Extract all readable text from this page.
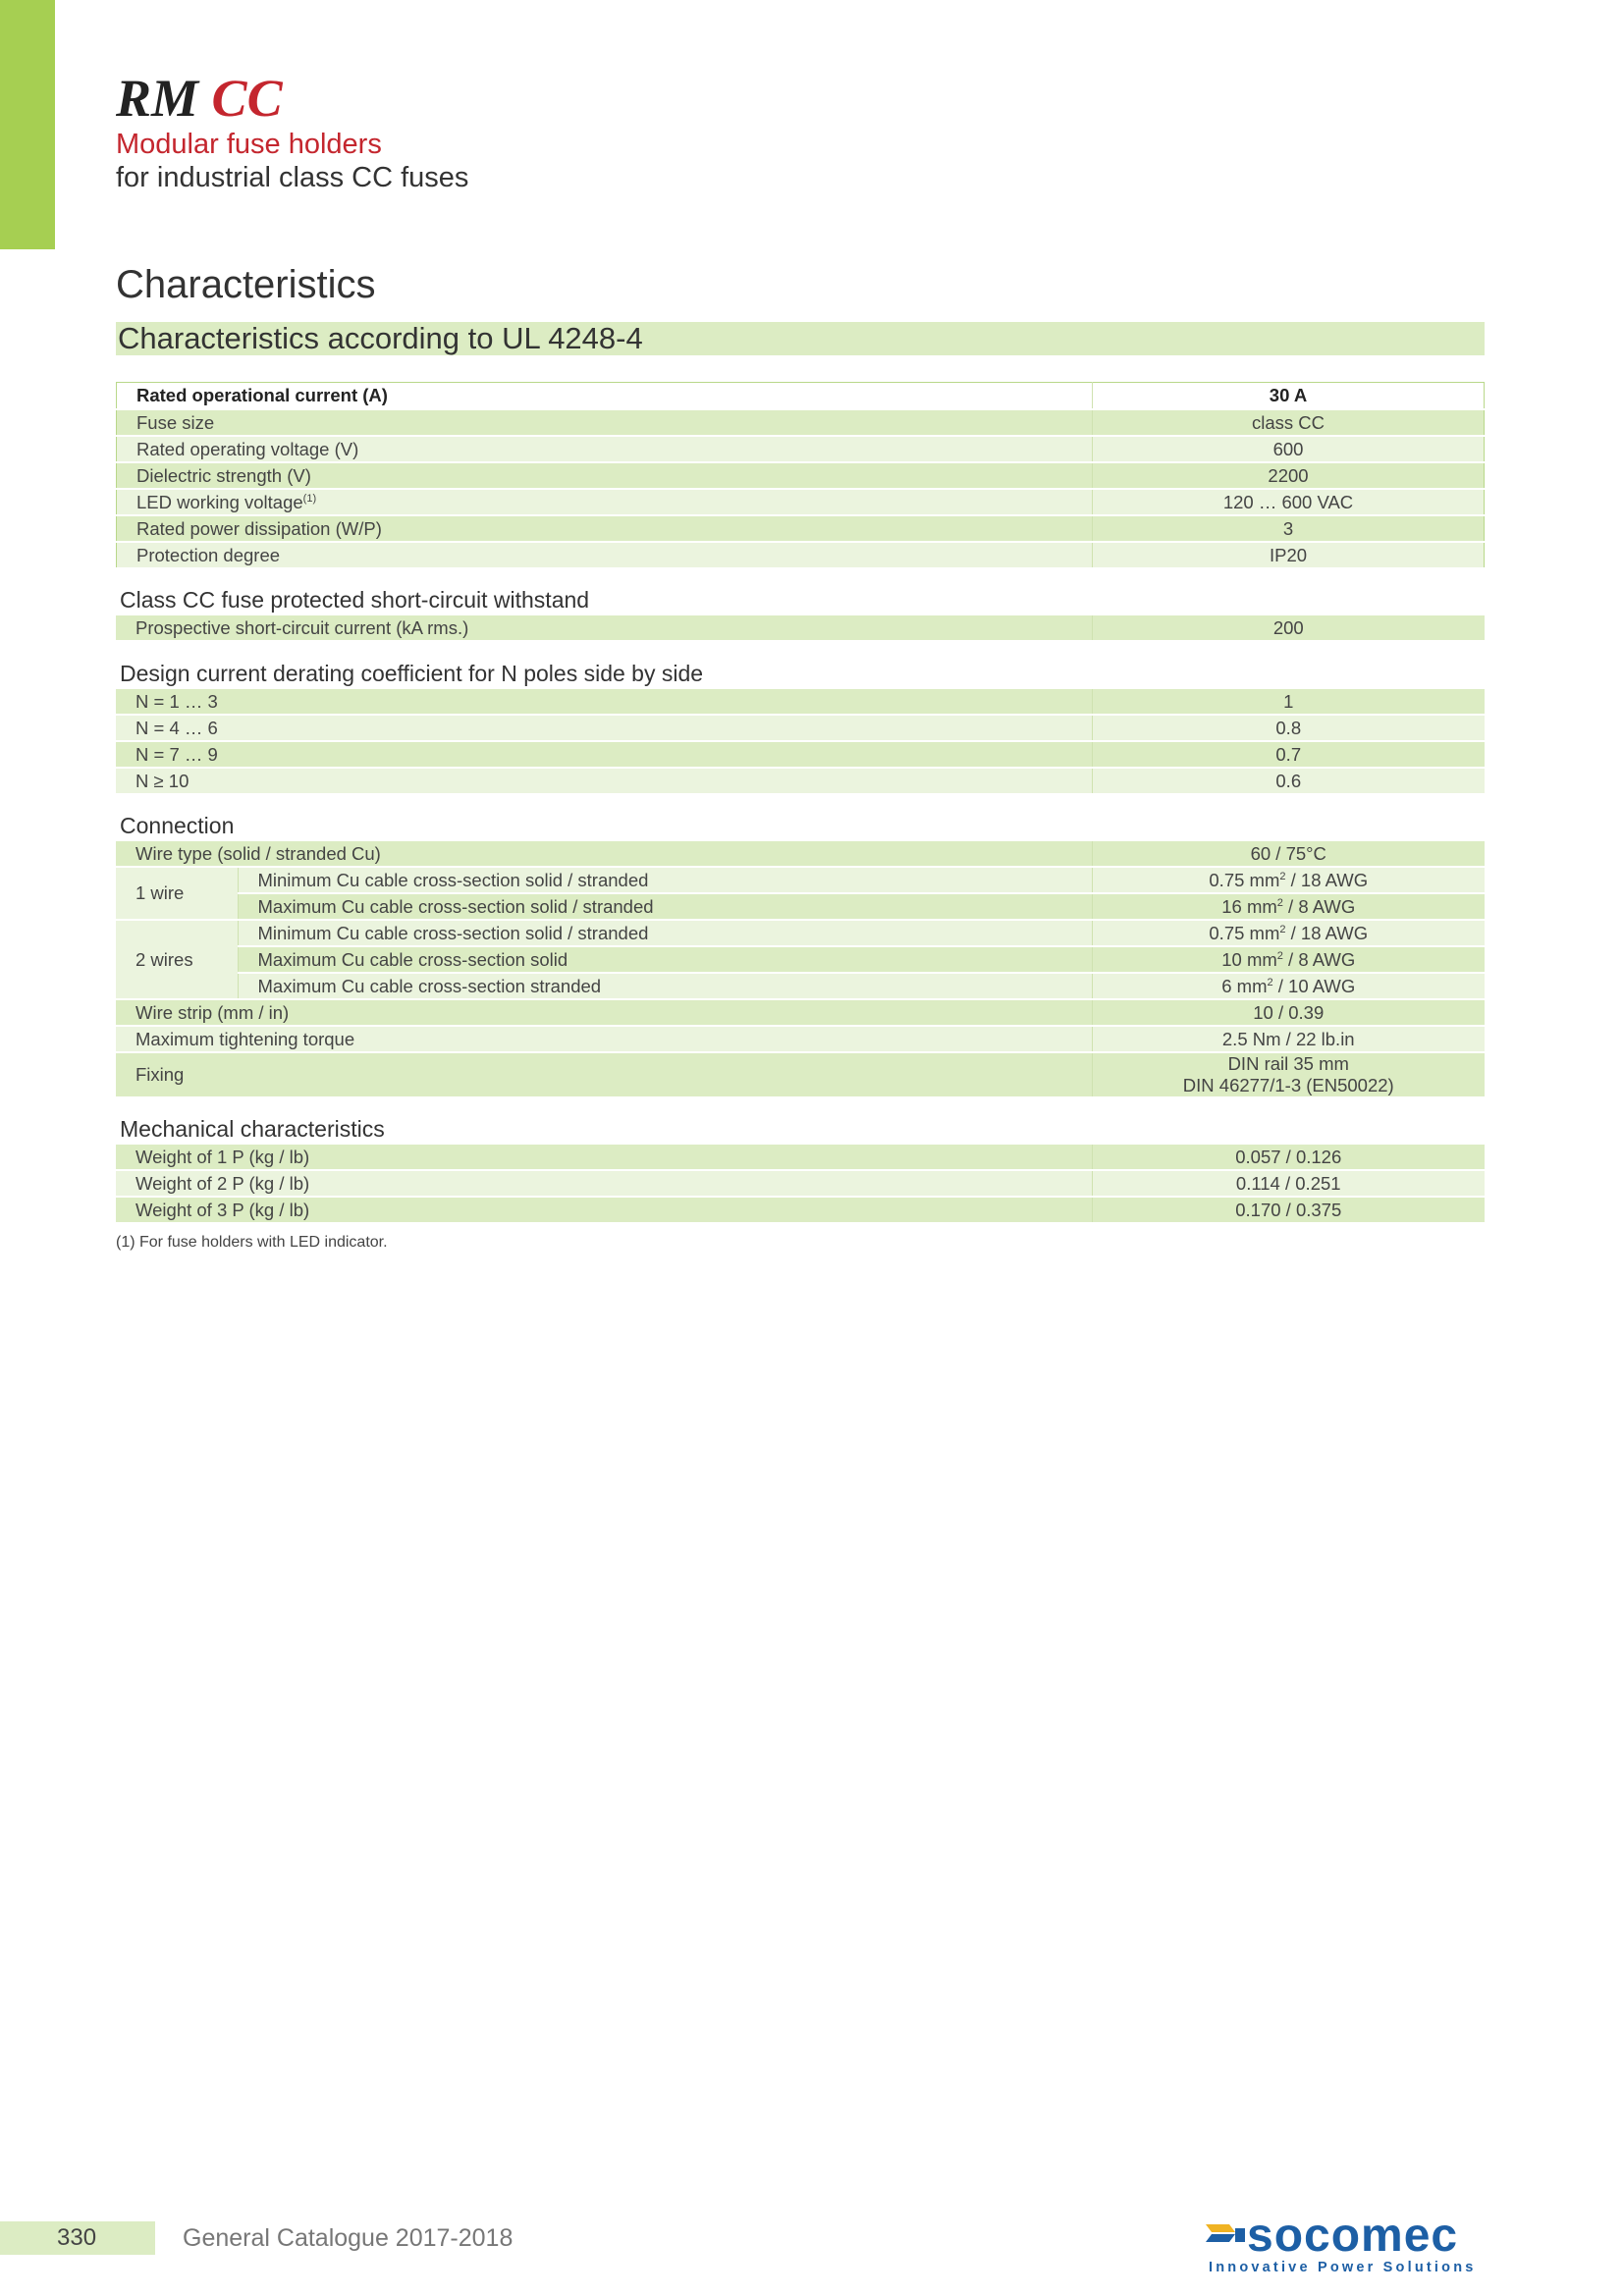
RM CC
Modular fuse holders
for industrial class CC fuses
Characteristics
Characteristics according to UL 4248-4
Rated operational current (A)	30 A
Fuse size	class CC
Rated operating voltage (V)	600
Dielectric strength (V)	2200
LED working voltage$^{(1)}$	120 … 600 VAC
Rated power dissipation (W/P)	3
Protection degree	IP20
Class CC fuse protected short-circuit withstand
Prospective short-circuit current (kA rms.)	200
Design current derating coefficient for N poles side by side
N = 1 … 3	1
N = 4 … 6	0.8
N = 7 … 9	0.7
N ≥ 10	0.6
Connection
Wire type (solid / stranded Cu)		60 / 75°C
1 wire	Minimum Cu cable cross-section solid / stranded	0.75 $mm^2 / 18$ AWG
	Maximum Cu cable cross-section solid / stranded	16 $mm^2 / 8$ AWG
2 wires	Minimum Cu cable cross-section solid / stranded	0.75 $mm^2 / 18$ AWG
	Maximum Cu cable cross-section solid	10 $mm^2 / 8$ AWG
	Maximum Cu cable cross-section stranded	6 $mm^2 / 10$ AWG
Wire strip (mm / in)		10 / 0.39
Maximum tightening torque		2.5 Nm / 22 lb.in
Fixing		DIN rail 35 mm
DIN 46277/1-3 (EN50022)
Mechanical characteristics
Weight of 1 P (kg / lb)	0.057 / 0.126
Weight of 2 P (kg / lb)	0.114 / 0.251
Weight of 3 P (kg / lb)	0.170 / 0.375
(1) For fuse holders with LED indicator.
330	General Catalogue 2017-2018	socomec
Innovative Power Solutions
